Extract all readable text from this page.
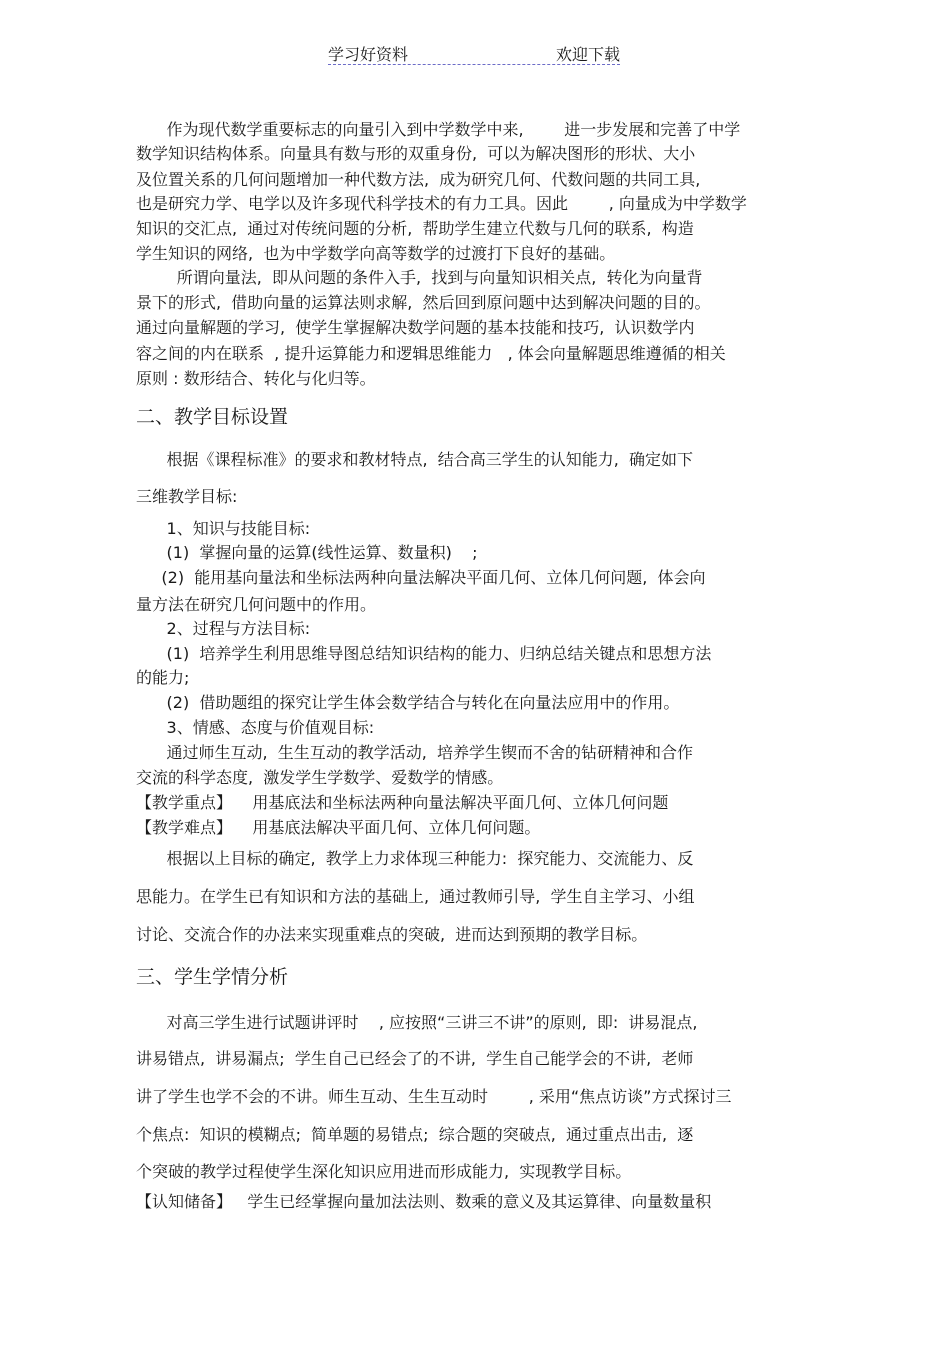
学习好资料	欢迎下载
作为现代数学重要标志的向量引入到中学数学中来,        进一步发展和完善了中学
数学知识结构体系。向量具有数与形的双重身份,  可以为解决图形的形状、大小
及位置关系的几何问题增加一种代数方法,  成为研究几何、代数问题的共同工具,
也是研究力学、电学以及许多现代科学技术的有力工具。因此        , 向量成为中学数学
知识的交汇点,  通过对传统问题的分析,  帮助学生建立代数与几何的联系,  构造
学生知识的网络,  也为中学数学向高等数学的过渡打下良好的基础。
所谓向量法,  即从问题的条件入手,  找到与向量知识相关点,  转化为向量背
景下的形式,  借助向量的运算法则求解,  然后回到原问题中达到解决问题的目的。
通过向量解题的学习,  使学生掌握解决数学问题的基本技能和技巧,  认识数学内
容之间的内在联系  , 提升运算能力和逻辑思维能力   , 体会向量解题思维遵循的相关
原则 : 数形结合、转化与化归等。
二、教学目标设置
根据《课程标准》的要求和教材特点,  结合高三学生的认知能力,  确定如下
三维教学目标:
1、知识与技能目标:
(1)  掌握向量的运算(线性运算、数量积)    ;
(2)  能用基向量法和坐标法两种向量法解决平面几何、立体几何问题,  体会向
量方法在研究几何问题中的作用。
2、过程与方法目标:
(1)  培养学生利用思维导图总结知识结构的能力、归纳总结关键点和思想方法
的能力;
(2)  借助题组的探究让学生体会数学结合与转化在向量法应用中的作用。
3、情感、态度与价值观目标:
通过师生互动,  生生互动的教学活动,  培养学生锲而不舍的钻研精神和合作
交流的科学态度,  激发学生学数学、爱数学的情感。
【教学重点】    用基底法和坐标法两种向量法解决平面几何、立体几何问题
【教学难点】    用基底法解决平面几何、立体几何问题。
根据以上目标的确定,  教学上力求体现三种能力:  探究能力、交流能力、反
思能力。在学生已有知识和方法的基础上,  通过教师引导,  学生自主学习、小组
讨论、交流合作的办法来实现重难点的突破,  进而达到预期的教学目标。
三、学生学情分析
对高三学生进行试题讲评时    , 应按照“三讲三不讲”的原则,  即:  讲易混点,
讲易错点,  讲易漏点;  学生自己已经会了的不讲,  学生自己能学会的不讲,  老师
讲了学生也学不会的不讲。师生互动、生生互动时        , 采用“焦点访谈”方式探讨三
个焦点:  知识的模糊点;  简单题的易错点;  综合题的突破点,  通过重点出击,  逐
个突破的教学过程使学生深化知识应用进而形成能力,  实现教学目标。
【认知储备】   学生已经掌握向量加法法则、数乘的意义及其运算律、向量数量积
